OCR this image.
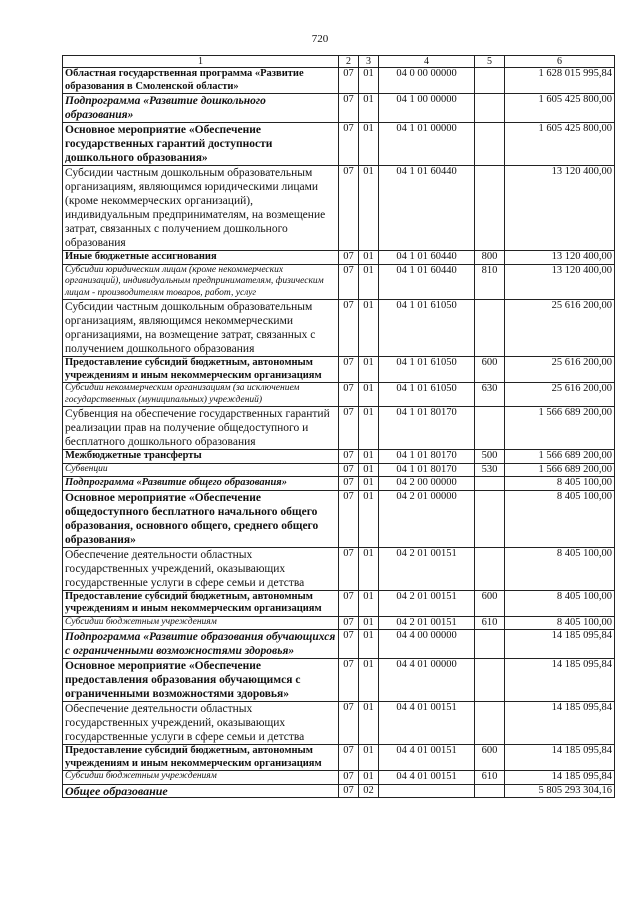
720
1	2	3	4	5	6
Областная государственная программа «Развитие образования в Смоленской области»	07	01	04 0 00 00000		1 628 015 995,84
Подпрограмма «Развитие дошкольного образования»	07	01	04 1 00 00000		1 605 425 800,00
Основное мероприятие «Обеспечение государственных гарантий доступности дошкольного образования»	07	01	04 1 01 00000		1 605 425 800,00
Субсидии частным дошкольным образовательным организациям, являющимся юридическими лицами (кроме некоммерческих организаций), индивидуальным предпринимателям, на возмещение затрат, связанных с получением дошкольного образования	07	01	04 1 01 60440		13 120 400,00
Иные бюджетные ассигнования	07	01	04 1 01 60440	800	13 120 400,00
Субсидии юридическим лицам (кроме некоммерческих организаций), индивидуальным предпринимателям, физическим лицам - производителям товаров, работ, услуг	07	01	04 1 01 60440	810	13 120 400,00
Субсидии частным дошкольным образовательным организациям, являющимся некоммерческими организациями, на возмещение затрат, связанных с получением дошкольного образования	07	01	04 1 01 61050		25 616 200,00
Предоставление субсидий бюджетным, автономным учреждениям и иным некоммерческим организациям	07	01	04 1 01 61050	600	25 616 200,00
Субсидии некоммерческим организациям (за исключением государственных (муниципальных) учреждений)	07	01	04 1 01 61050	630	25 616 200,00
Субвенция на обеспечение государственных гарантий реализации прав на получение общедоступного и бесплатного дошкольного образования	07	01	04 1 01 80170		1 566 689 200,00
Межбюджетные трансферты	07	01	04 1 01 80170	500	1 566 689 200,00
Субвенции	07	01	04 1 01 80170	530	1 566 689 200,00
Подпрограмма «Развитие общего образования»	07	01	04 2 00 00000		8 405 100,00
Основное мероприятие «Обеспечение общедоступного бесплатного начального общего образования, основного общего, среднего общего образования»	07	01	04 2 01 00000		8 405 100,00
Обеспечение деятельности областных государственных учреждений, оказывающих государственные услуги в сфере семьи и детства	07	01	04 2 01 00151		8 405 100,00
Предоставление субсидий бюджетным, автономным учреждениям и иным некоммерческим организациям	07	01	04 2 01 00151	600	8 405 100,00
Субсидии бюджетным учреждениям	07	01	04 2 01 00151	610	8 405 100,00
Подпрограмма «Развитие образования обучающихся с ограниченными возможностями здоровья»	07	01	04 4 00 00000		14 185 095,84
Основное мероприятие «Обеспечение предоставления образования обучающимся с ограниченными возможностями здоровья»	07	01	04 4 01 00000		14 185 095,84
Обеспечение деятельности областных государственных учреждений, оказывающих государственные услуги в сфере семьи и детства	07	01	04 4 01 00151		14 185 095,84
Предоставление субсидий бюджетным, автономным учреждениям и иным некоммерческим организациям	07	01	04 4 01 00151	600	14 185 095,84
Субсидии бюджетным учреждениям	07	01	04 4 01 00151	610	14 185 095,84
Общее образование	07	02			5 805 293 304,16
